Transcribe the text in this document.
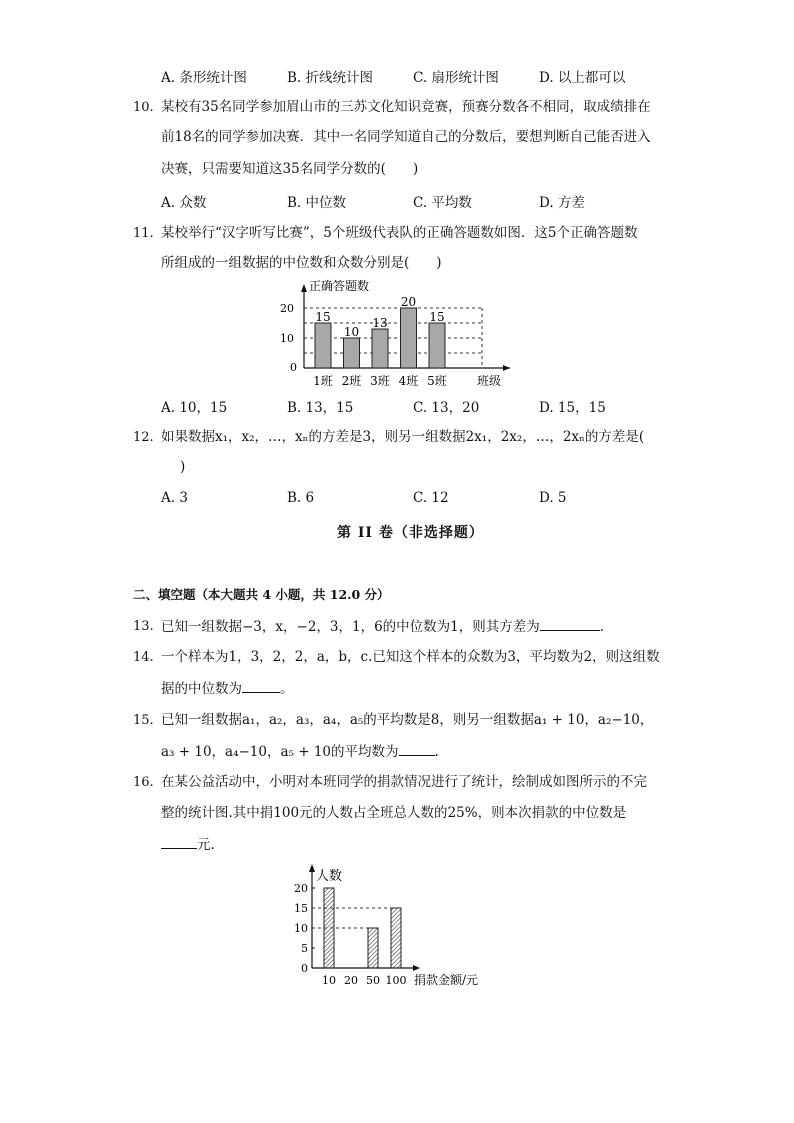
A. 条形统计图	B. 折线统计图	C. 扇形统计图	D. 以上都可以
10. 某校有35名同学参加眉山市的三苏文化知识竞赛，预赛分数各不相同，取成绩排在
前18名的同学参加决赛．其中一名同学知道自己的分数后，要想判断自己能否进入
决赛，只需要知道这35名同学分数的(　　)
A. 众数	B. 中位数	C. 平均数	D. 方差
11. 某校举行“汉字听写比赛”，5个班级代表队的正确答题数如图．这5个正确答题数
所组成的一组数据的中位数和众数分别是(　　)
正确答题数
班级
0
10
20
15
1班
10
2班
13
3班
20
4班
15
5班
A. 10，15	B. 13，15	C. 13，20	D. 15，15
12. 如果数据x₁，x₂，…，xₙ的方差是3，则另一组数据2x₁，2x₂，…，2xₙ的方差是(
)
A. 3	B. 6	C. 12	D. 5
第 II 卷（非选择题）
二、填空题（本大题共 4 小题，共 12.0 分）
13. 已知一组数据−3，x，−2，3，1，6的中位数为1，则其方差为	.
14. 一个样本为1，3，2，2，a，b，c.已知这个样本的众数为3，平均数为2，则这组数
据的中位数为	。
15. 已知一组数据a₁，a₂，a₃，a₄，a₅的平均数是8，则另一组数据a₁ + 10，a₂−10，
a₃ + 10，a₄−10，a₅ + 10的平均数为	.
16. 在某公益活动中，小明对本班同学的捐款情况进行了统计，绘制成如图所示的不完
整的统计图.其中捐100元的人数占全班总人数的25%，则本次捐款的中位数是
元.
人数
捐款金额/元
0
5
10
15
20
10 20 50 100
